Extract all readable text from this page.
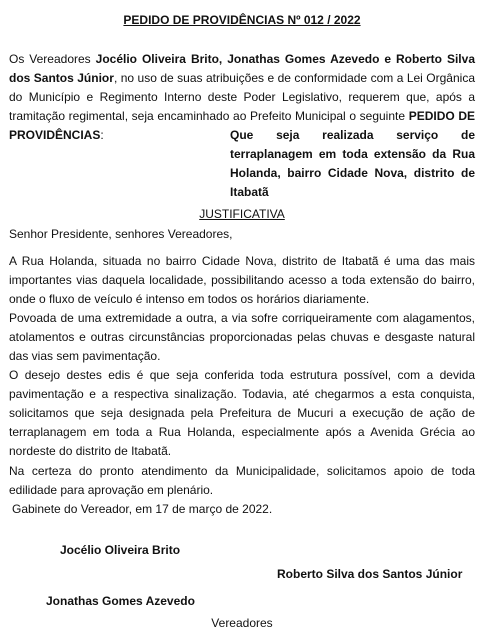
PEDIDO DE PROVIDÊNCIAS Nº 012 / 2022
Os Vereadores Jocélio Oliveira Brito, Jonathas Gomes Azevedo e Roberto Silva dos Santos Júnior, no uso de suas atribuições e de conformidade com a Lei Orgânica do Município e Regimento Interno deste Poder Legislativo, requerem que, após a tramitação regimental, seja encaminhado ao Prefeito Municipal o seguinte PEDIDO DE PROVIDÊNCIAS:	Que seja realizada serviço de terraplanagem em toda extensão da Rua Holanda, bairro Cidade Nova, distrito de Itabatã
JUSTIFICATIVA
Senhor Presidente, senhores Vereadores,

A Rua Holanda, situada no bairro Cidade Nova, distrito de Itabatã é uma das mais importantes vias daquela localidade, possibilitando acesso a toda extensão do bairro, onde o fluxo de veículo é intenso em todos os horários diariamente.

Povoada de uma extremidade a outra, a via sofre corriqueiramente com alagamentos, atolamentos e outras circunstâncias proporcionadas pelas chuvas e desgaste natural das vias sem pavimentação.

O desejo destes edis é que seja conferida toda estrutura possível, com a devida pavimentação e a respectiva sinalização. Todavia, até chegarmos a esta conquista, solicitamos que seja designada pela Prefeitura de Mucuri a execução de ação de terraplanagem em toda a Rua Holanda, especialmente após a Avenida Grécia ao nordeste do distrito de Itabatã.

Na certeza do pronto atendimento da Municipalidade, solicitamos apoio de toda edilidade para aprovação em plenário.
Gabinete do Vereador, em 17 de março de 2022.
Jocélio Oliveira Brito
Roberto Silva dos Santos Júnior
Jonathas Gomes Azevedo
Vereadores
